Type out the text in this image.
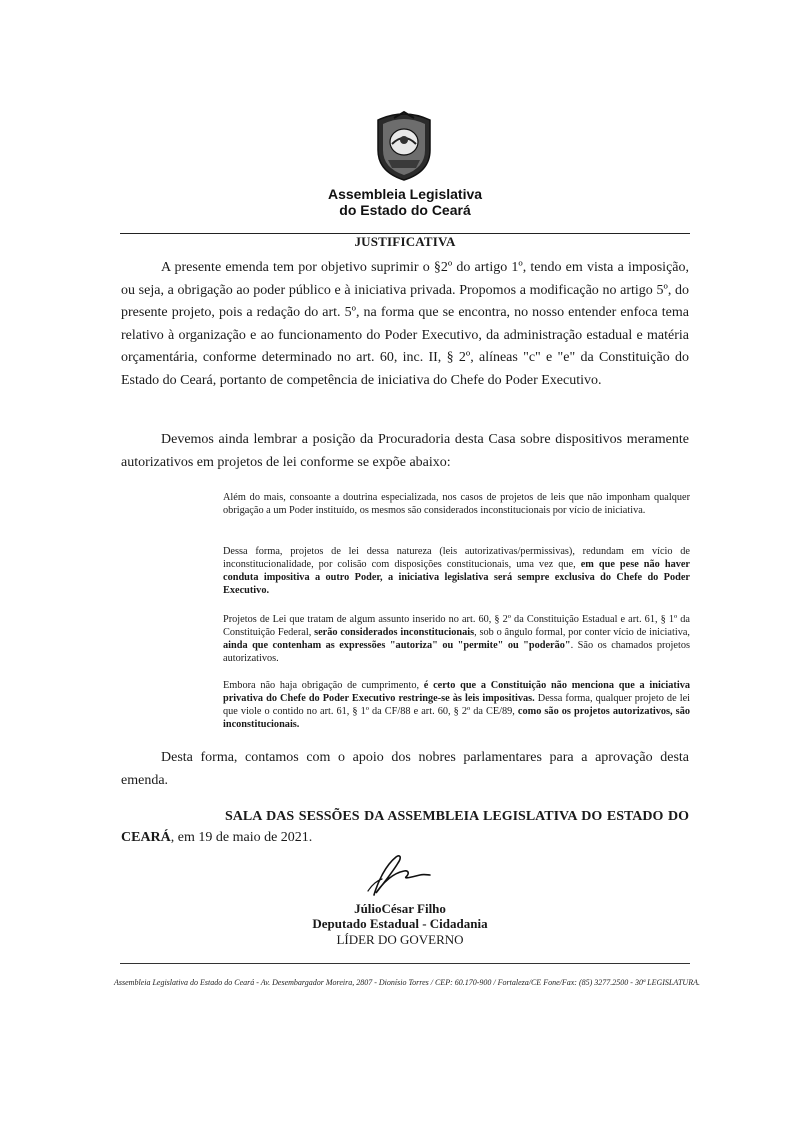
Assembleia Legislativa
do Estado do Ceará
JUSTIFICATIVA
A presente emenda tem por objetivo suprimir o §2º do artigo 1º, tendo em vista a imposição, ou seja, a obrigação ao poder público e à iniciativa privada. Propomos a modificação no artigo 5º, do presente projeto, pois a redação do art. 5º, na forma que se encontra, no nosso entender enfoca tema relativo à organização e ao funcionamento do Poder Executivo, da administração estadual e matéria orçamentária, conforme determinado no art. 60, inc. II, § 2º, alíneas "c" e "e" da Constituição do Estado do Ceará, portanto de competência de iniciativa do Chefe do Poder Executivo.
Devemos ainda lembrar a posição da Procuradoria desta Casa sobre dispositivos meramente autorizativos em projetos de lei conforme se expõe abaixo:
Além do mais, consoante a doutrina especializada, nos casos de projetos de leis que não imponham qualquer obrigação a um Poder instituído, os mesmos são considerados inconstitucionais por vício de iniciativa.
Dessa forma, projetos de lei dessa natureza (leis autorizativas/permissivas), redundam em vício de inconstitucionalidade, por colisão com disposições constitucionais, uma vez que, em que pese não haver conduta impositiva a outro Poder, a iniciativa legislativa será sempre exclusiva do Chefe do Poder Executivo.
Projetos de Lei que tratam de algum assunto inserido no art. 60, § 2º da Constituição Estadual e art. 61, § 1º da Constituição Federal, serão considerados inconstitucionais, sob o ângulo formal, por conter vício de iniciativa, ainda que contenham as expressões "autoriza" ou "permite" ou "poderão". São os chamados projetos autorizativos.
Embora não haja obrigação de cumprimento, é certo que a Constituição não menciona que a iniciativa privativa do Chefe do Poder Executivo restringe-se às leis impositivas. Dessa forma, qualquer projeto de lei que viole o contido no art. 61, § 1º da CF/88 e art. 60, § 2º da CE/89, como são os projetos autorizativos, são inconstitucionais.
Desta forma, contamos com o apoio dos nobres parlamentares para a aprovação desta emenda.
SALA DAS SESSÕES DA ASSEMBLEIA LEGISLATIVA DO ESTADO DO CEARÁ, em 19 de maio de 2021.
JúlioCésar Filho
Deputado Estadual - Cidadania
LÍDER DO GOVERNO
Assembleia Legislativa do Estado do Ceará - Av. Desembargador Moreira, 2807 - Dionísio Torres / CEP: 60.170-900 / Fortaleza/CE Fone/Fax: (85) 3277.2500 - 30ª LEGISLATURA.
